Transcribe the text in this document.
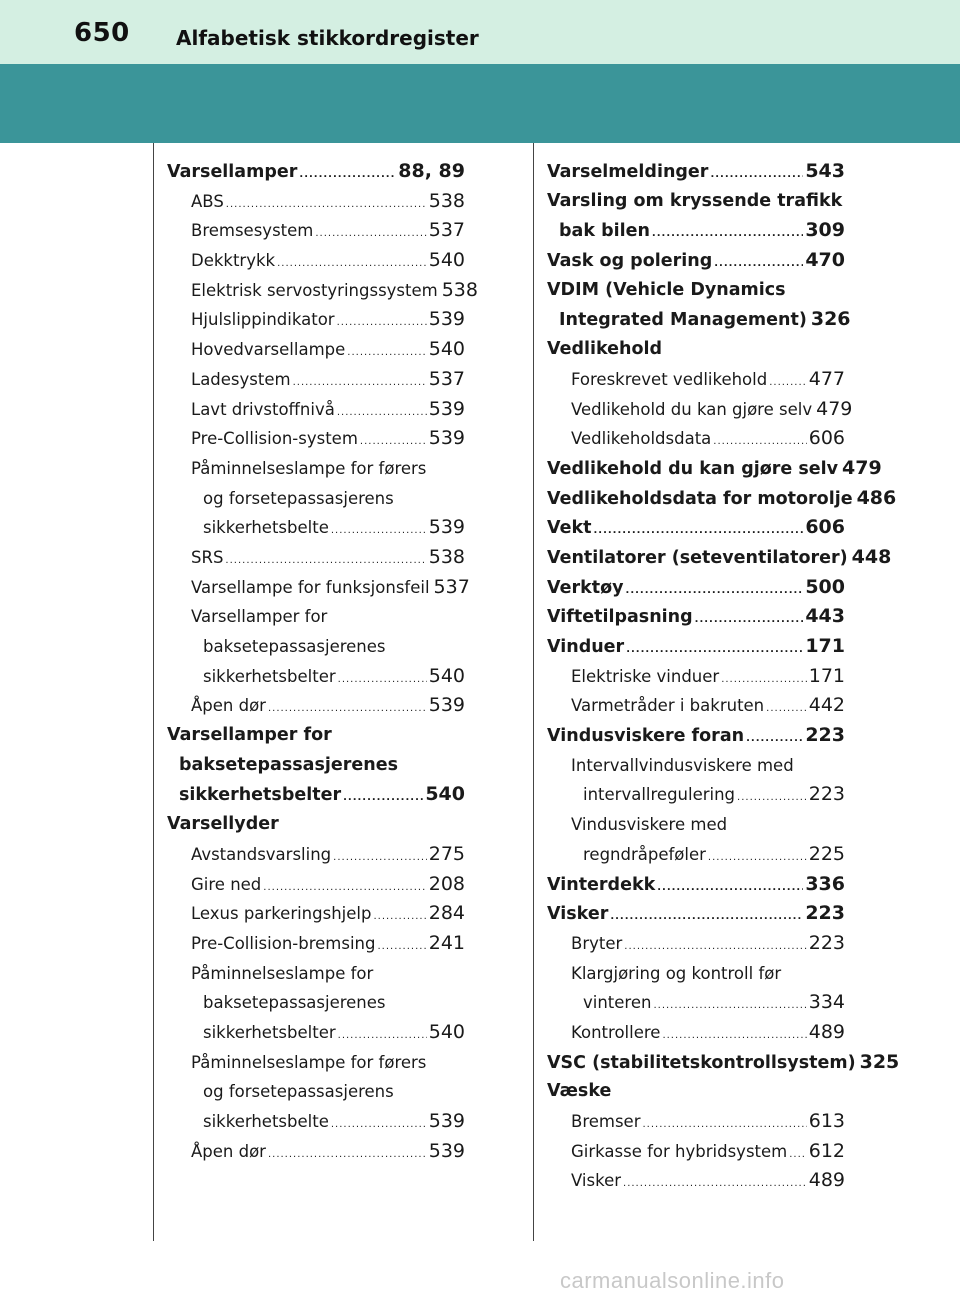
650 Alfabetisk stikkordregister
Varsellamper .....	88, 89
ABS .....	538
Bremsesystem .....	537
Dekktrykk .....	540
Elektrisk servostyringssystem 538
Hjulslippindikator .....	539
Hovedvarsellampe .....	540
Ladesystem .....	537
Lavt drivstoffnivå .....	539
Pre-Collision-system .....	539
Påminnelseslampe for førers
og forsetepassasjerens
sikkerhetsbelte .....	539
SRS .....	538
Varsellampe for funksjonsfeil 537
Varsellamper for
baksetepassasjerenes
sikkerhetsbelter .....	540
Åpen dør .....	539
Varsellamper for
baksetepassasjerenes
sikkerhetsbelter .....	540
Varsellyder
Avstandsvarsling .....	275
Gire ned .....	208
Lexus parkeringshjelp .....	284
Pre-Collision-bremsing .....	241
Påminnelseslampe for
baksetepassasjerenes
sikkerhetsbelter .....	540
Påminnelseslampe for førers
og forsetepassasjerens
sikkerhetsbelte .....	539
Åpen dør .....	539
Varselmeldinger .....	543
Varsling om kryssende trafikk
bak bilen .....	309
Vask og polering .....	470
VDIM (Vehicle Dynamics
Integrated Management) 326
Vedlikehold
Foreskrevet vedlikehold ..... 477
Vedlikehold du kan gjøre selv 479
Vedlikeholdsdata .....	606
Vedlikehold du kan gjøre selv 479
Vedlikeholdsdata for motorolje 486
Vekt .....	606
Ventilatorer (seteventilatorer) 448
Verktøy .....	500
Viftetilpasning .....	443
Vinduer .....	171
Elektriske vinduer .....	171
Varmetråder i bakruten ..... 442
Vindusviskere foran .....	223
Intervallvindusviskere med
intervallregulering .....	223
Vindusviskere med
regndråpeføler .....	225
Vinterdekk .....	336
Visker .....	223
Bryter .....	223
Klargjøring og kontroll før
vinteren .....	334
Kontrollere .....	489
VSC (stabilitetskontrollsystem) 325
Væske
Bremser .....	613
Girkasse for hybridsystem ..... 612
Visker .....	489
carmanualsonline.info
